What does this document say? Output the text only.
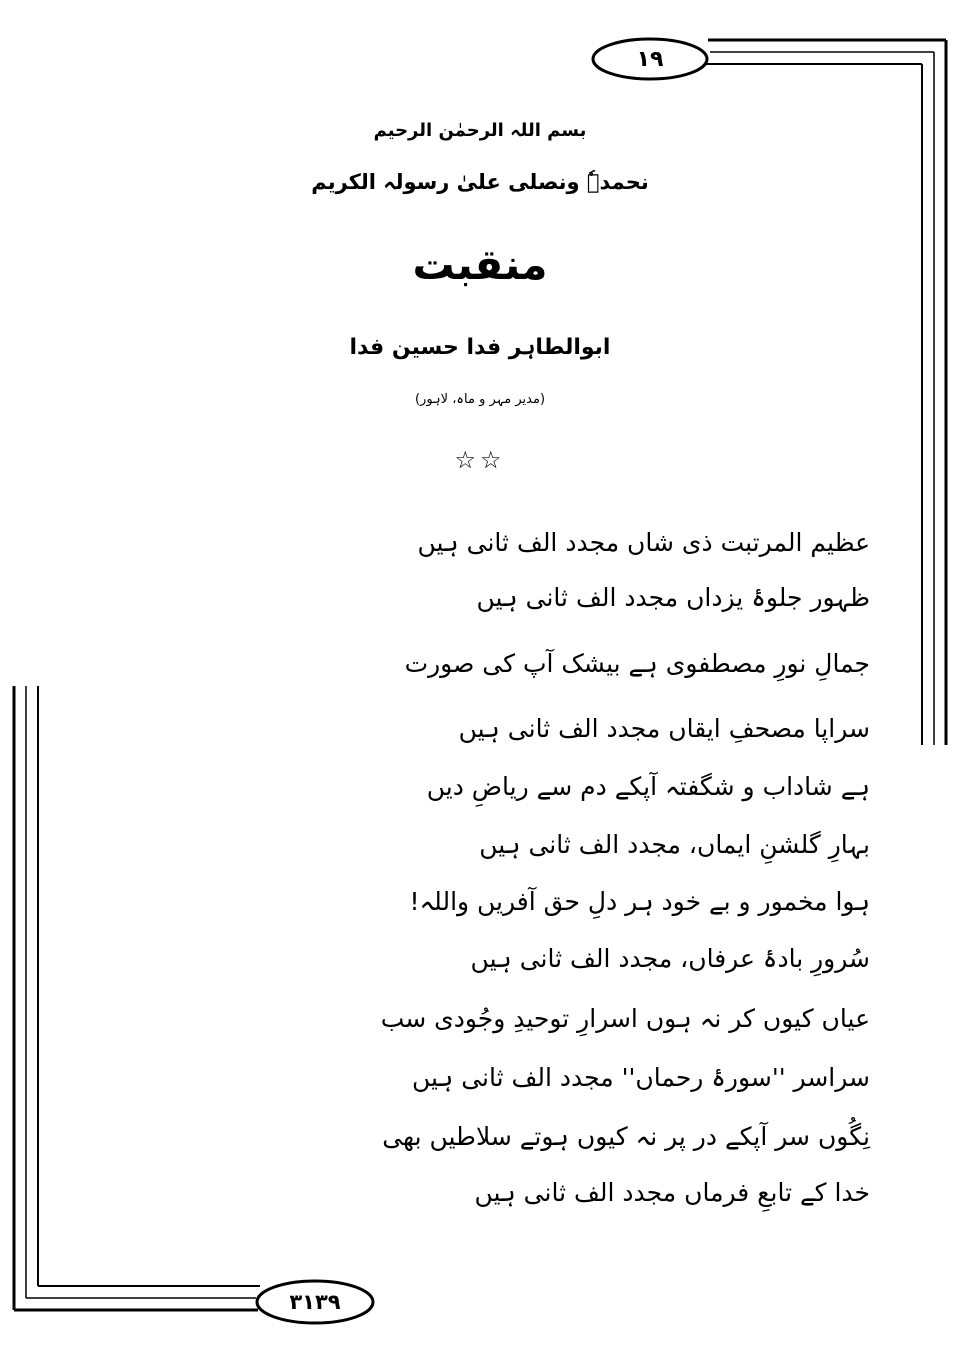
۱۹
بسم اللہ الرحمٰن الرحیم
نحمدہٗ ونصلی علیٰ رسولہ الکریم
منقبت
ابوالطاہر فدا حسین فدا
(مدیر مہر و ماہ، لاہور)
☆☆
عظیم المرتبت ذی شاں مجدد الف ثانی ہیں
ظہور جلوۂ یزداں مجدد الف ثانی ہیں
جمالِ نورِ مصطفوی ہے بیشک آپ کی صورت
سراپا مصحفِ ایقاں مجدد الف ثانی ہیں
ہے شاداب و شگفتہ آپکے دم سے ریاضِ دیں
بہارِ گلشنِ ایماں، مجدد الف ثانی ہیں
ہوا مخمور و بے خود ہر دلِ حق آفریں واللہ!
سُرورِ بادۂ عرفاں، مجدد الف ثانی ہیں
عیاں کیوں کر نہ ہوں اسرارِ توحیدِ وجُودی سب
سراسر ''سورۂ رحماں'' مجدد الف ثانی ہیں
نِگُوں سر آپکے در پر نہ کیوں ہوتے سلاطیں بھی
خدا کے تابعِ فرماں مجدد الف ثانی ہیں
۳۱۳۹
